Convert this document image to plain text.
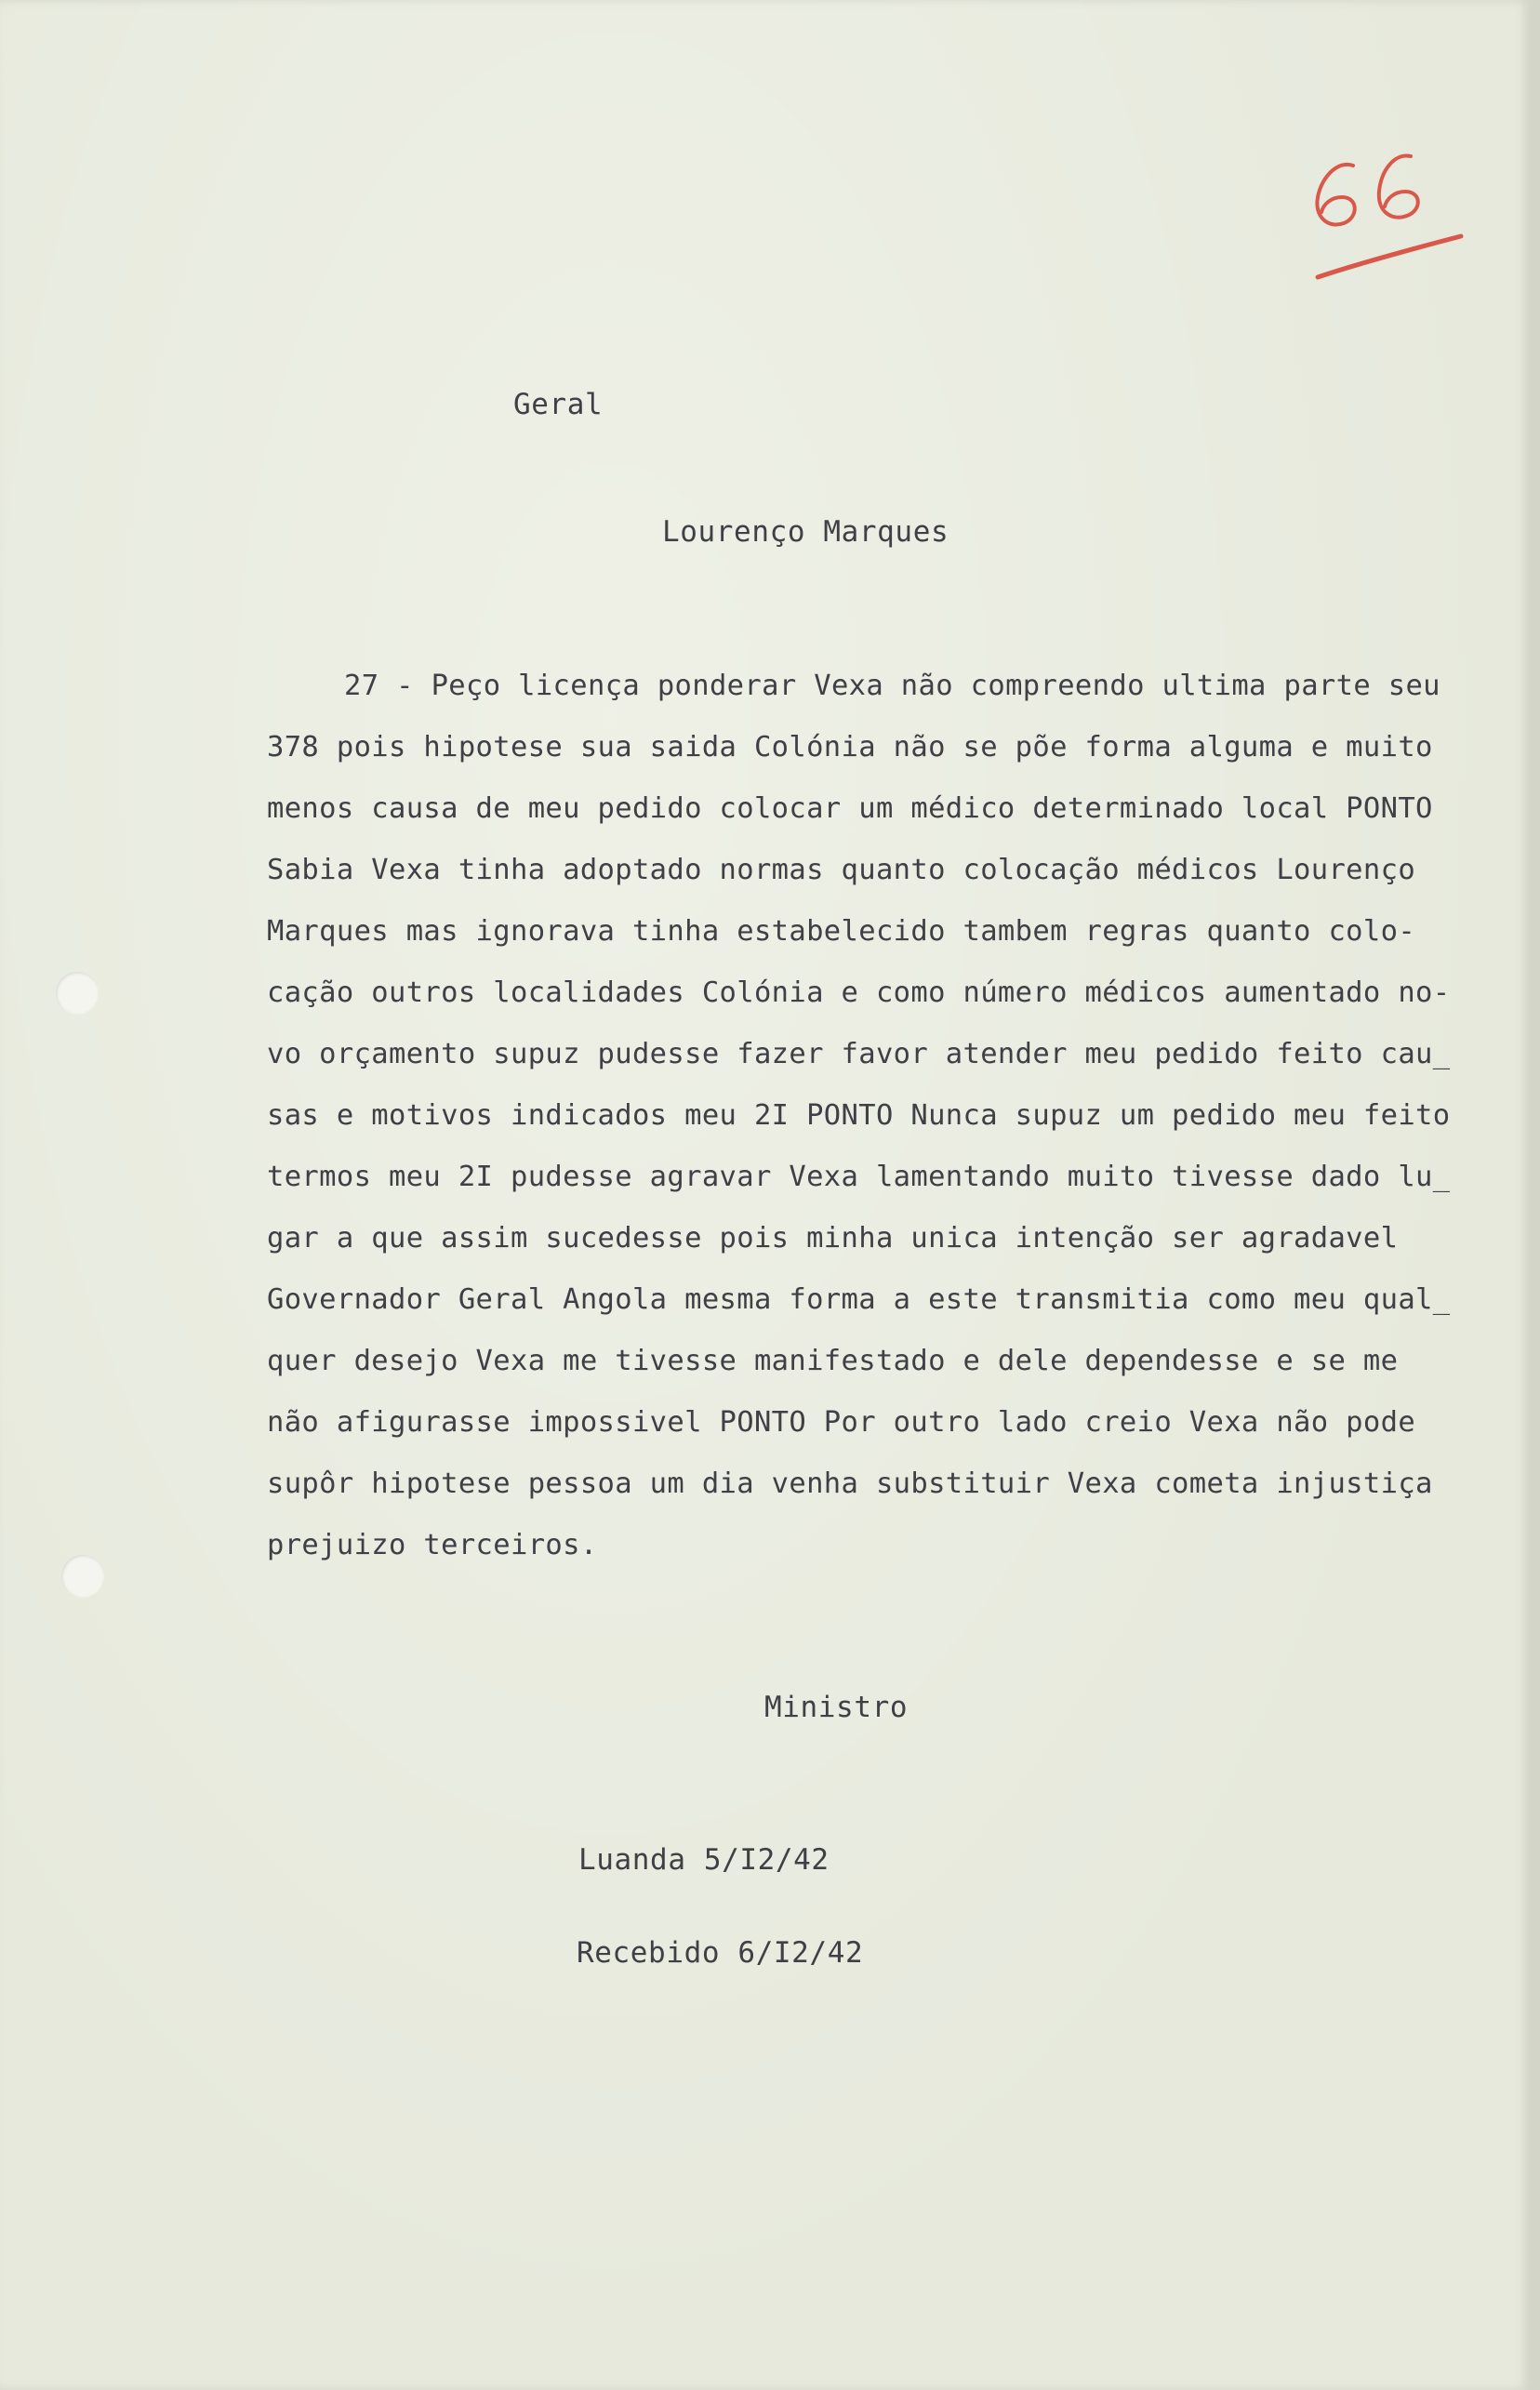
Geral
Lourenço Marques
27 - Peço licença ponderar Vexa não compreendo ultima parte seu
378 pois hipotese sua saida Colónia não se põe forma alguma e muito
menos causa de meu pedido colocar um médico determinado local PONTO
Sabia Vexa tinha adoptado normas quanto colocação médicos Lourenço
Marques mas ignorava tinha estabelecido tambem regras quanto colo-
cação outros localidades Colónia e como número médicos aumentado no-
vo orçamento supuz pudesse fazer favor atender meu pedido feito cau_
sas e motivos indicados meu 2I PONTO Nunca supuz um pedido meu feito
termos meu 2I pudesse agravar Vexa lamentando muito tivesse dado lu_
gar a que assim sucedesse pois minha unica intenção ser agradavel
Governador Geral Angola mesma forma a este transmitia como meu qual_
quer desejo Vexa me tivesse manifestado e dele dependesse e se me
não afigurasse impossivel PONTO Por outro lado creio Vexa não pode
supôr hipotese pessoa um dia venha substituir Vexa cometa injustiça
prejuizo terceiros.
Ministro
Luanda 5/I2/42
Recebido 6/I2/42
